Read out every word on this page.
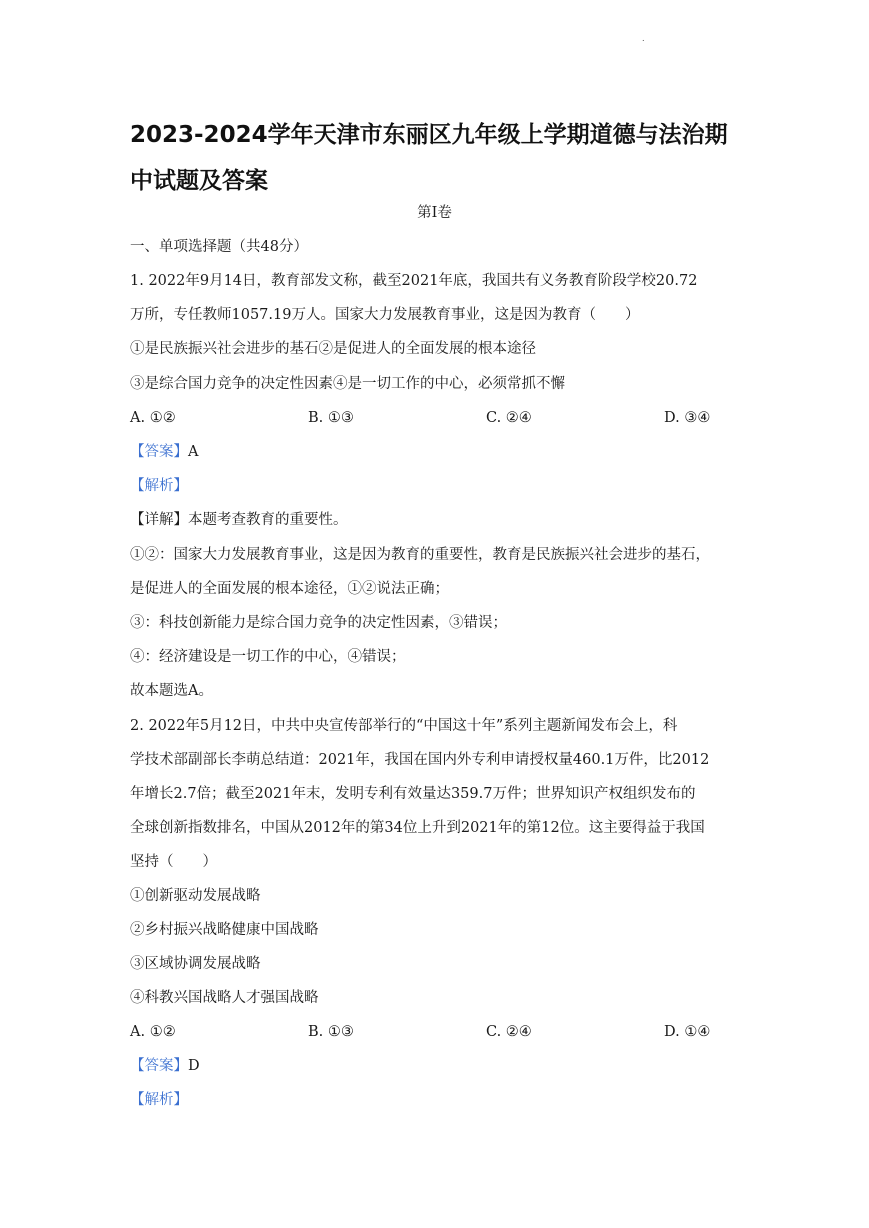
.
2023-2024学年天津市东丽区九年级上学期道德与法治期中试题及答案
第Ⅰ卷
一、单项选择题（共48分）
1. 2022年9月14日，教育部发文称，截至2021年底，我国共有义务教育阶段学校20.72
万所，专任教师1057.19万人。国家大力发展教育事业，这是因为教育（　　）
①是民族振兴社会进步的基石②是促进人的全面发展的根本途径
③是综合国力竞争的决定性因素④是一切工作的中心，必须常抓不懈
A. ①②	B. ①③	C. ②④	D. ③④
【答案】A
【解析】
【详解】本题考查教育的重要性。
①②：国家大力发展教育事业，这是因为教育的重要性，教育是民族振兴社会进步的基石，
是促进人的全面发展的根本途径，①②说法正确；
③：科技创新能力是综合国力竞争的决定性因素，③错误；
④：经济建设是一切工作的中心，④错误；
故本题选A。
2. 2022年5月12日，中共中央宣传部举行的“中国这十年”系列主题新闻发布会上，科
学技术部副部长李萌总结道：2021年，我国在国内外专利申请授权量460.1万件，比2012
年增长2.7倍；截至2021年末，发明专利有效量达359.7万件；世界知识产权组织发布的
全球创新指数排名，中国从2012年的第34位上升到2021年的第12位。这主要得益于我国
坚持（　　）
①创新驱动发展战略
②乡村振兴战略健康中国战略
③区域协调发展战略
④科教兴国战略人才强国战略
A. ①②	B. ①③	C. ②④	D. ①④
【答案】D
【解析】
